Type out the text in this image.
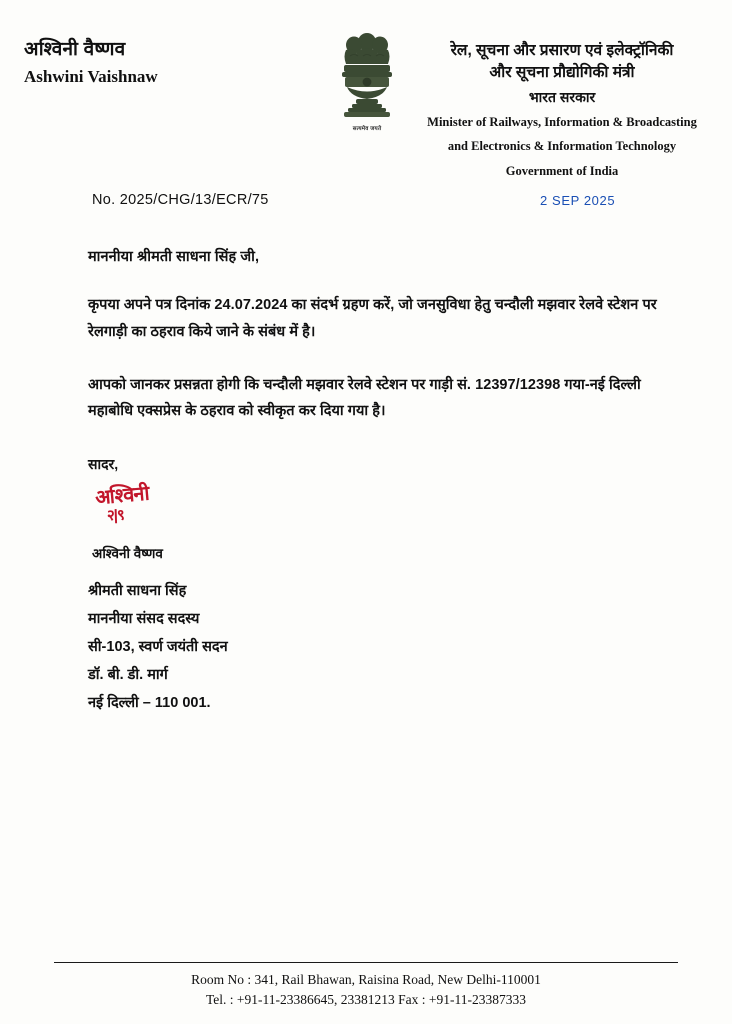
अश्विनी वैष्णव
Ashwini Vaishnaw
सत्यमेव जयते
रेल, सूचना और प्रसारण एवं इलेक्ट्रॉनिकी
और सूचना प्रौद्योगिकी मंत्री
भारत सरकार
Minister of Railways, Information & Broadcasting
and Electronics & Information Technology
Government of India
No. 2025/CHG/13/ECR/75	2 SEP 2025
माननीया श्रीमती साधना सिंह जी,

कृपया अपने पत्र दिनांक 24.07.2024 का संदर्भ ग्रहण करें, जो जनसुविधा हेतु चन्दौली मझवार रेलवे स्टेशन पर रेलगाड़ी का ठहराव किये जाने के संबंध में है।

आपको जानकर प्रसन्नता होगी कि चन्दौली मझवार रेलवे स्टेशन पर गाड़ी सं. 12397/12398 गया-नई दिल्ली महाबोधि एक्सप्रेस के ठहराव को स्वीकृत कर दिया गया है।

सादर,
अश्विनी
२|९
अश्विनी वैष्णव
श्रीमती साधना सिंह
माननीया संसद सदस्य
सी-103, स्वर्ण जयंती सदन
डॉ. बी. डी. मार्ग
नई दिल्ली – 110 001.
Room No : 341, Rail Bhawan, Raisina Road, New Delhi-110001
Tel. : +91-11-23386645, 23381213 Fax : +91-11-23387333
